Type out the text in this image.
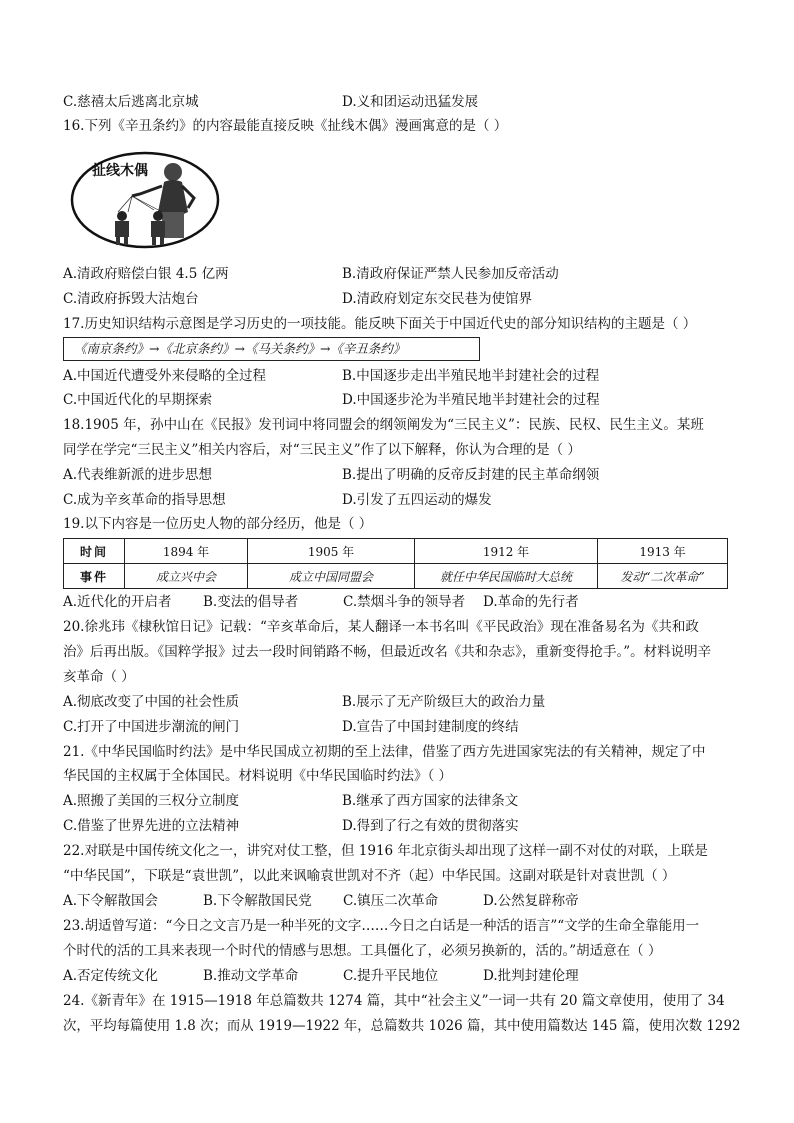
C.慈禧太后逃离北京城	D.义和团运动迅猛发展
16.下列《辛丑条约》的内容最能直接反映《扯线木偶》漫画寓意的是（ ）
扯线木偶
A.清政府赔偿白银 4.5 亿两	B.清政府保证严禁人民参加反帝活动
C.清政府拆毁大沽炮台	D.清政府划定东交民巷为使馆界
17.历史知识结构示意图是学习历史的一项技能。能反映下面关于中国近代史的部分知识结构的主题是（ ）
《南京条约》→《北京条约》→《马关条约》→《辛丑条约》
A.中国近代遭受外来侵略的全过程	B.中国逐步走出半殖民地半封建社会的过程
C.中国近代化的早期探索	D.中国逐步沦为半殖民地半封建社会的过程
18.1905 年，孙中山在《民报》发刊词中将同盟会的纲领阐发为“三民主义”：民族、民权、民生主义。某班
同学在学完“三民主义”相关内容后，对“三民主义”作了以下解释，你认为合理的是（ ）
A.代表维新派的进步思想	B.提出了明确的反帝反封建的民主革命纲领
C.成为辛亥革命的指导思想	D.引发了五四运动的爆发
19.以下内容是一位历史人物的部分经历，他是（ ）
时间	1894 年	1905 年	1912 年	1913 年
事件	成立兴中会	成立中国同盟会	就任中华民国临时大总统	发动“二次革命”
A.近代化的开启者 B.变法的倡导者	C.禁烟斗争的领导者 D.革命的先行者
20.徐兆玮《棣秋馆日记》记载：“辛亥革命后，某人翻译一本书名叫《平民政治》现在准备易名为《共和政
治》后再出版。《国粹学报》过去一段时间销路不畅，但最近改名《共和杂志》，重新变得抢手。”。材料说明辛
亥革命（ ）
A.彻底改变了中国的社会性质	B.展示了无产阶级巨大的政治力量
C.打开了中国进步潮流的闸门	D.宣告了中国封建制度的终结
21.《中华民国临时约法》是中华民国成立初期的至上法律，借鉴了西方先进国家宪法的有关精神，规定了中
华民国的主权属于全体国民。材料说明《中华民国临时约法》（ ）
A.照搬了美国的三权分立制度	B.继承了西方国家的法律条文
C.借鉴了世界先进的立法精神	D.得到了行之有效的贯彻落实
22.对联是中国传统文化之一，讲究对仗工整，但 1916 年北京街头却出现了这样一副不对仗的对联，上联是
“中华民国”，下联是“袁世凯”，以此来讽喻袁世凯对不齐（起）中华民国。这副对联是针对袁世凯（ ）
A.下令解散国会	B.下令解散国民党 C.镇压二次革命	D.公然复辟称帝
23.胡适曾写道：“今日之文言乃是一种半死的文字……今日之白话是一种活的语言”“文学的生命全靠能用一
个时代的活的工具来表现一个时代的情感与思想。工具僵化了，必须另换新的，活的。”胡适意在（ ）
A.否定传统文化	B.推动文学革命	C.提升平民地位	D.批判封建伦理
24.《新青年》在 1915—1918 年总篇数共 1274 篇，其中“社会主义”一词一共有 20 篇文章使用，使用了 34
次，平均每篇使用 1.8 次；而从 1919—1922 年，总篇数共 1026 篇，其中使用篇数达 145 篇，使用次数 1292
